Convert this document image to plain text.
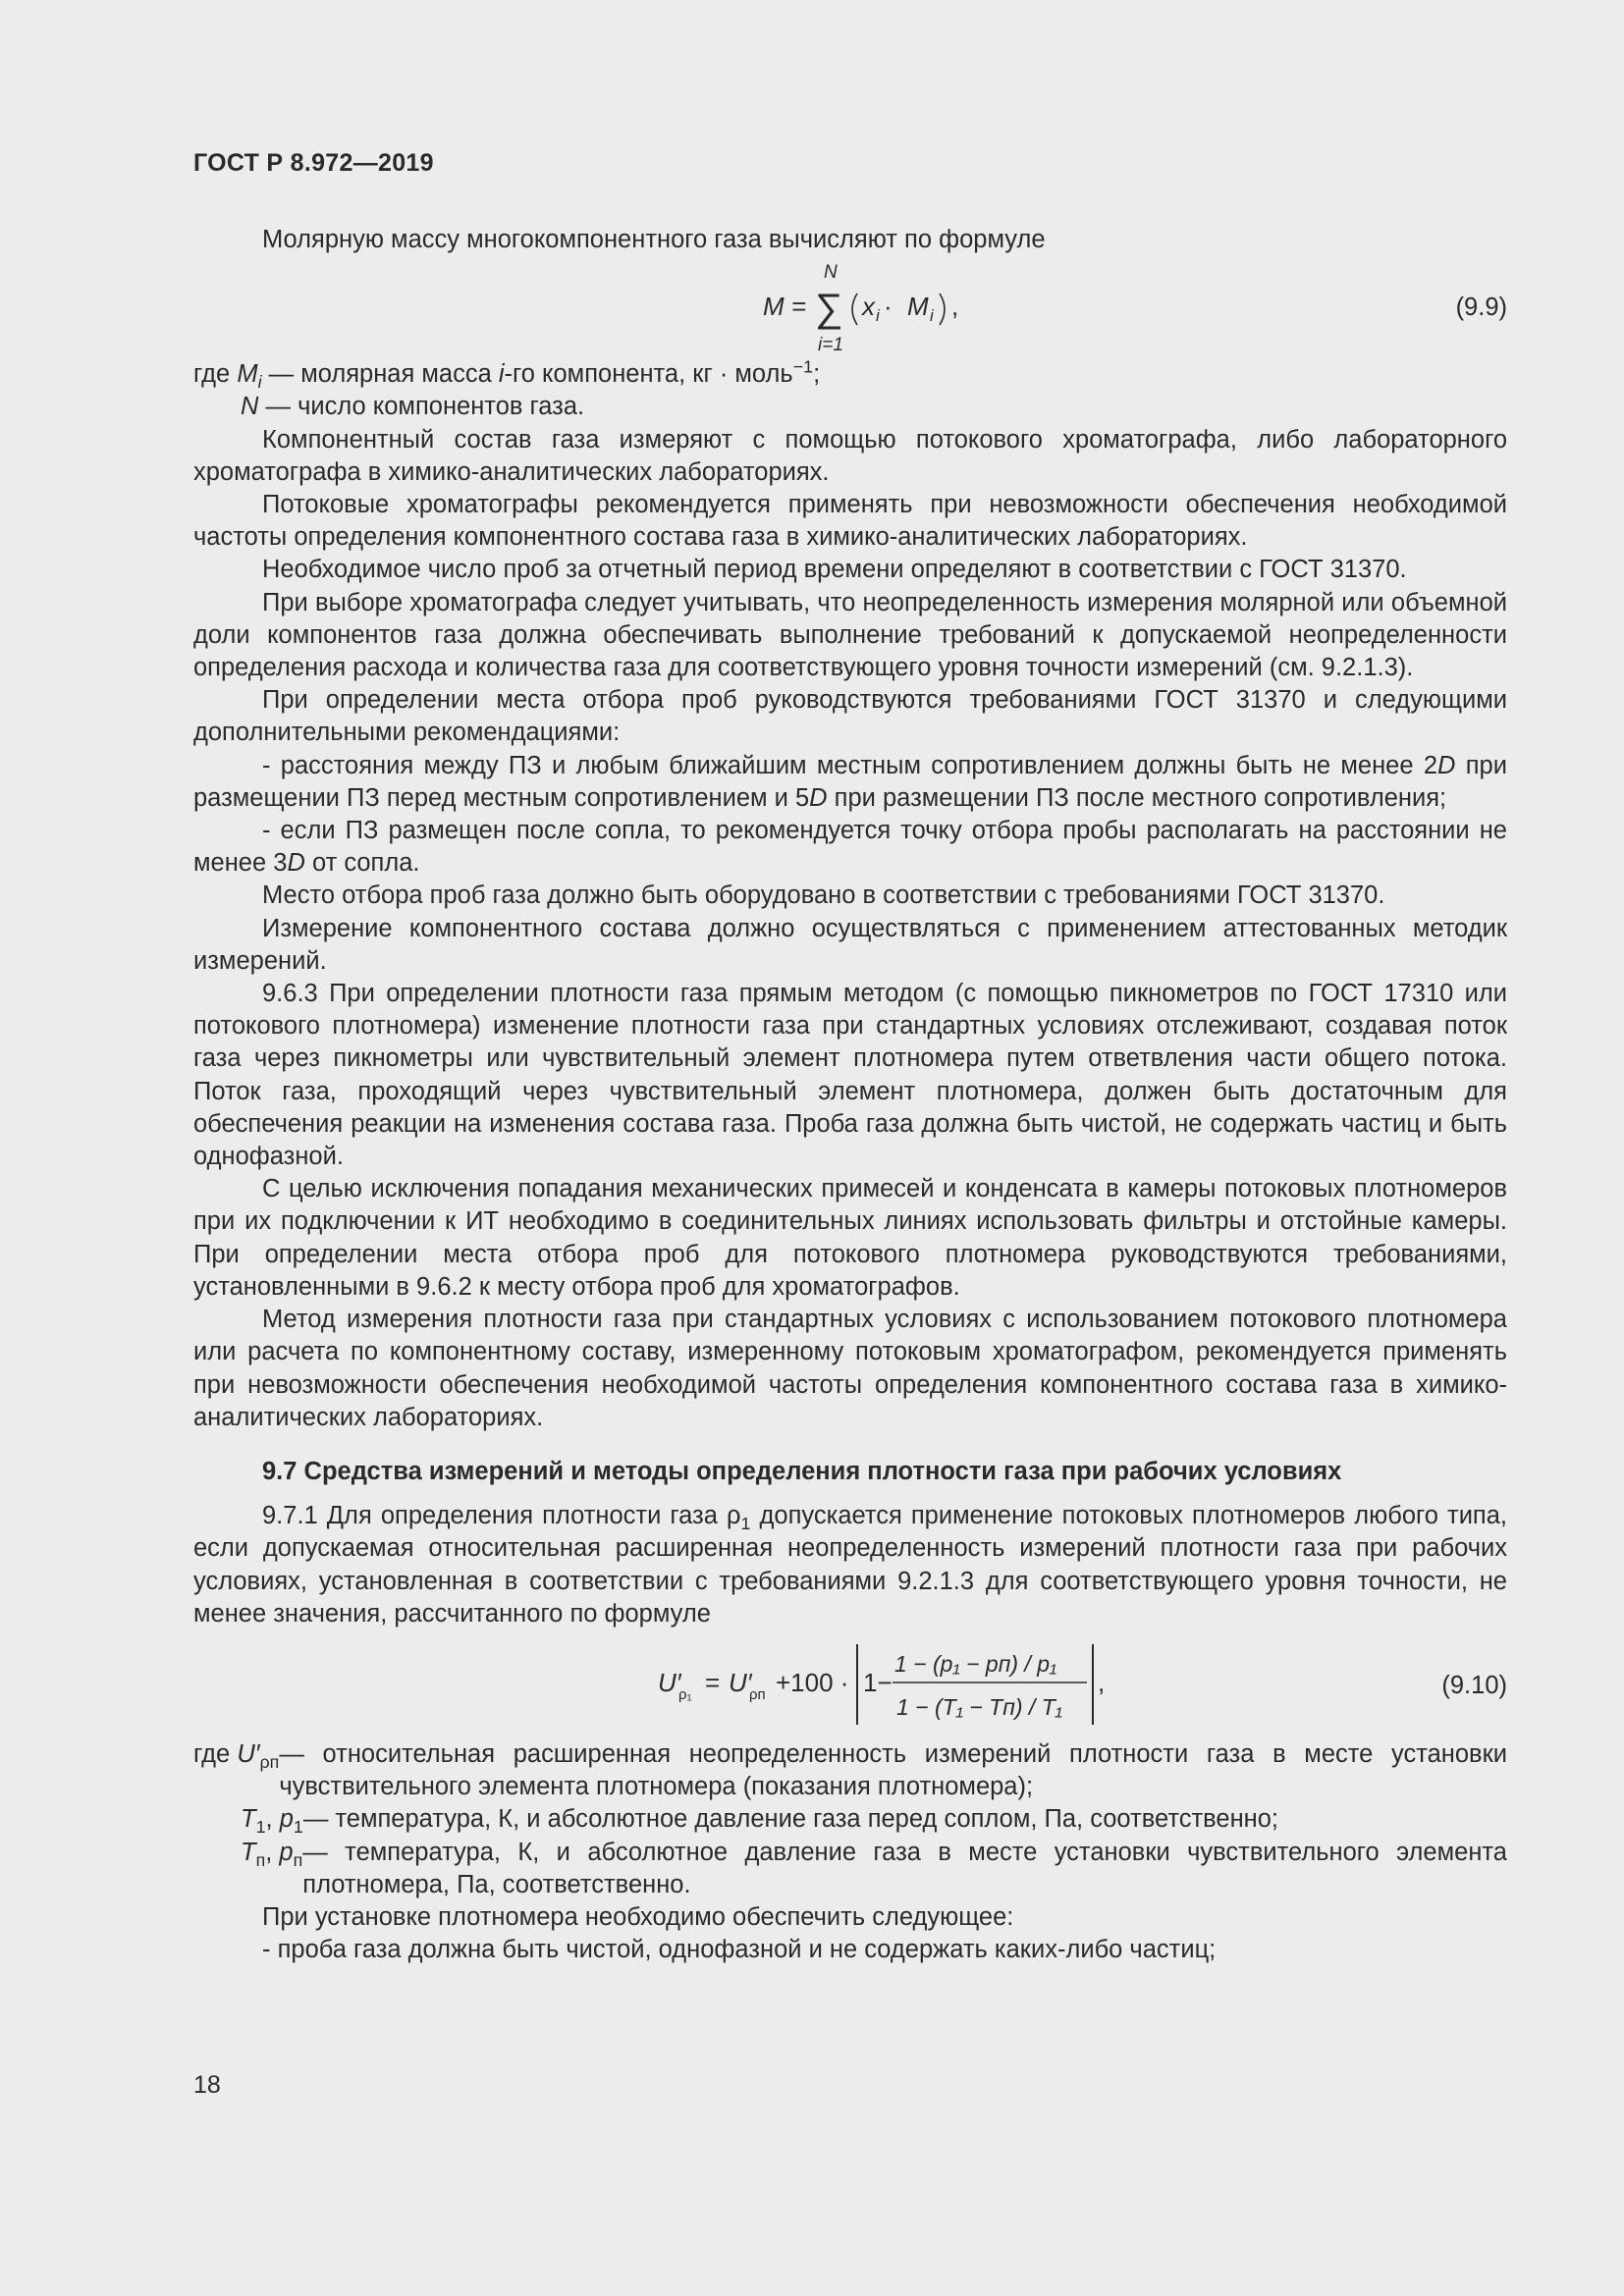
ГОСТ Р 8.972—2019

Молярную массу многокомпонентного газа вычисляют по формуле

M =
N
∑
i=1
x i · M i ,	(9.9)

где $M_i$ — молярная масса i-го компонента, кг · моль$^{-1}$;

N — число компонентов газа.

Компонентный состав газа измеряют с помощью потокового хроматографа, либо лабораторного хроматографа в химико-аналитических лабораториях.

Потоковые хроматографы рекомендуется применять при невозможности обеспечения необходимой частоты определения компонентного состава газа в химико-аналитических лабораториях.

Необходимое число проб за отчетный период времени определяют в соответствии с ГОСТ 31370.

При выборе хроматографа следует учитывать, что неопределенность измерения молярной или объемной доли компонентов газа должна обеспечивать выполнение требований к допускаемой неопределенности определения расхода и количества газа для соответствующего уровня точности измерений (см. 9.2.1.3).

При определении места отбора проб руководствуются требованиями ГОСТ 31370 и следующими дополнительными рекомендациями:

- расстояния между ПЗ и любым ближайшим местным сопротивлением должны быть не менее 2D при размещении ПЗ перед местным сопротивлением и 5D при размещении ПЗ после местного сопротивления;

- если ПЗ размещен после сопла, то рекомендуется точку отбора пробы располагать на расстоянии не менее 3D от сопла.

Место отбора проб газа должно быть оборудовано в соответствии с требованиями ГОСТ 31370.

Измерение компонентного состава должно осуществляться с применением аттестованных методик измерений.

9.6.3 При определении плотности газа прямым методом (с помощью пикнометров по ГОСТ 17310 или потокового плотномера) изменение плотности газа при стандартных условиях отслеживают, создавая поток газа через пикнометры или чувствительный элемент плотномера путем ответвления части общего потока. Поток газа, проходящий через чувствительный элемент плотномера, должен быть достаточным для обеспечения реакции на изменения состава газа. Проба газа должна быть чистой, не содержать частиц и быть однофазной.

С целью исключения попадания механических примесей и конденсата в камеры потоковых плотномеров при их подключении к ИТ необходимо в соединительных линиях использовать фильтры и отстойные камеры. При определении места отбора проб для потокового плотномера руководствуются требованиями, установленными в 9.6.2 к месту отбора проб для хроматографов.

Метод измерения плотности газа при стандартных условиях с использованием потокового плотномера или расчета по компонентному составу, измеренному потоковым хроматографом, рекомендуется применять при невозможности обеспечения необходимой частоты определения компонентного состава газа в химико-аналитических лабораториях.

9.7 Средства измерений и методы определения плотности газа при рабочих условиях

9.7.1 Для определения плотности газа $\rho_1$ допускается применение потоковых плотномеров любого типа, если допускаемая относительная расширенная неопределенность измерений плотности газа при рабочих условиях, установленная в соответствии с требованиями 9.2.1.3 для соответствующего уровня точности, не менее значения, рассчитанного по формуле

U′
ρ₁ = U′
ρп +100 · 1−
1 − (p₁ − pп) / p₁
1 − (T₁ − Tп) / T₁
,	(9.10)
где $U'_{\rho п}$ — относительная расширенная неопределенность измерений плотности газа в месте установки чувствительного элемента плотномера (показания плотномера);
$T_1$, $p_1$ — температура, К, и абсолютное давление газа перед соплом, Па, соответственно;
$T_п$, $p_п$ — температура, К, и абсолютное давление газа в месте установки чувствительного элемента плотномера, Па, соответственно.

При установке плотномера необходимо обеспечить следующее:

- проба газа должна быть чистой, однофазной и не содержать каких-либо частиц;

18
